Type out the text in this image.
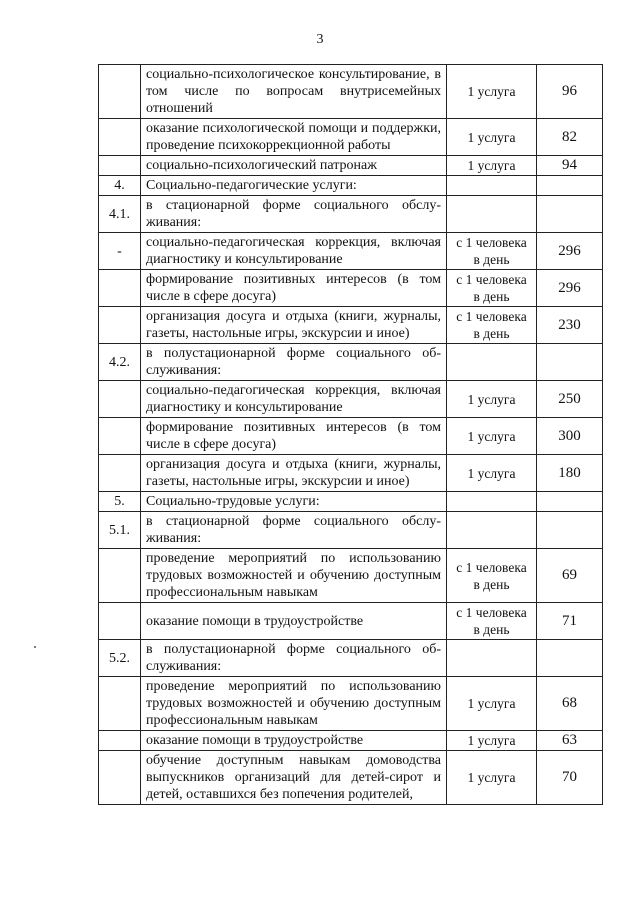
3
	социально-психологическое консультирование, в том числе по вопросам внутрисемейных отношений	1 услуга	96
	оказание психологической помощи и поддержки, проведение психокоррекционной работы	1 услуга	82
	социально-психологический патронаж	1 услуга	94
4.	Социально-педагогические услуги:		
4.1.	в стационарной форме социального обслуживания:		
-	социально-педагогическая коррекция, включая диагностику и консультирование	с 1 человека в день	296
	формирование позитивных интересов (в том числе в сфере досуга)	с 1 человека в день	296
	организация досуга и отдыха (книги, журналы, газеты, настольные игры, экскурсии и иное)	с 1 человека в день	230
4.2.	в полустационарной форме социального обслуживания:		
	социально-педагогическая коррекция, включая диагностику и консультирование	1 услуга	250
	формирование позитивных интересов (в том числе в сфере досуга)	1 услуга	300
	организация досуга и отдыха (книги, журналы, газеты, настольные игры, экскурсии и иное)	1 услуга	180
5.	Социально-трудовые услуги:		
5.1.	в стационарной форме социального обслуживания:		
	проведение мероприятий по использованию трудовых возможностей и обучению доступным профессиональным навыкам	с 1 человека в день	69
	оказание помощи в трудоустройстве	с 1 человека в день	71
5.2.	в полустационарной форме социального обслуживания:		
	проведение мероприятий по использованию трудовых возможностей и обучению доступным профессиональным навыкам	1 услуга	68
	оказание помощи в трудоустройстве	1 услуга	63
	обучение доступным навыкам домоводства выпускников организаций для детей-сирот и детей, оставшихся без попечения родителей,	1 услуга	70
